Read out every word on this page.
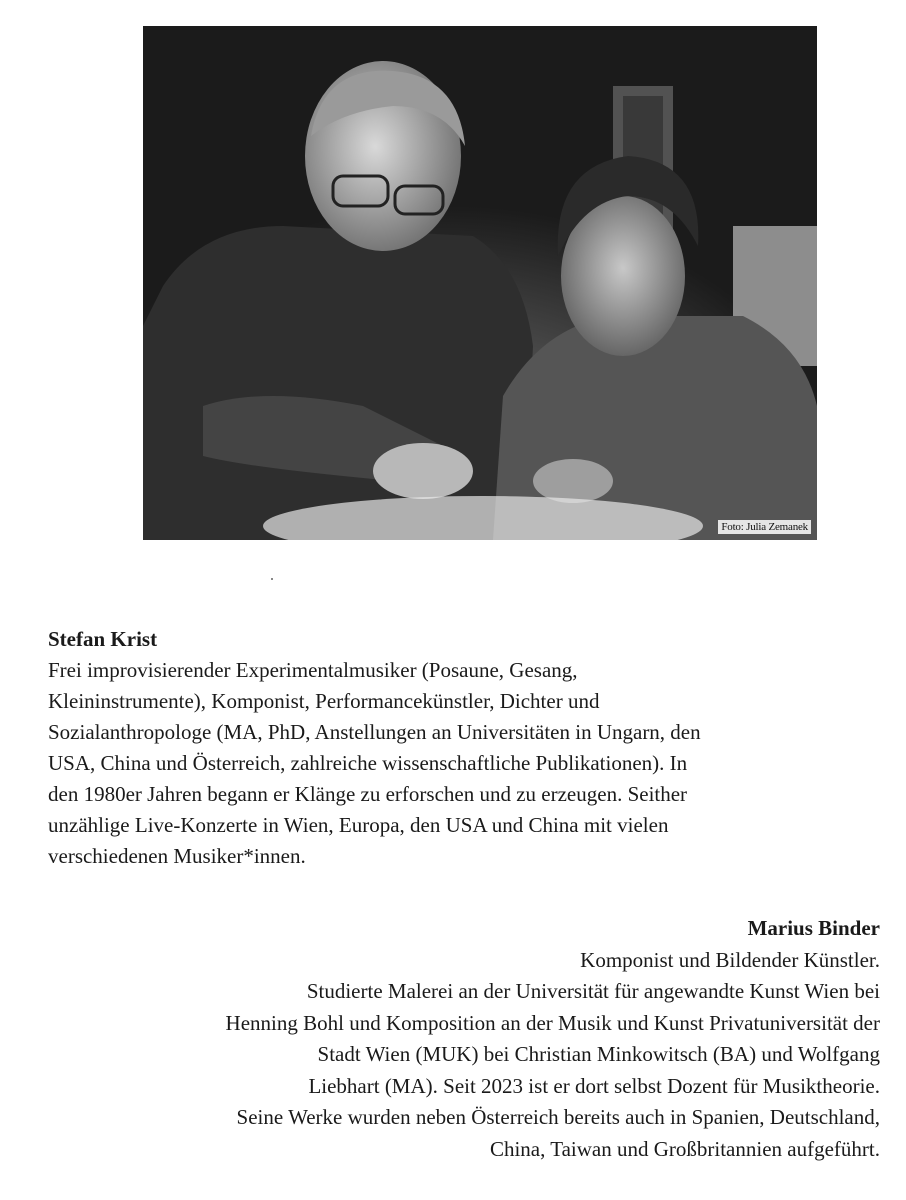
Foto: Julia Zemanek
Stefan Krist
Frei improvisierender Experimentalmusiker (Posaune, Gesang,
Kleininstrumente), Komponist, Performancekünstler, Dichter und
Sozialanthropologe (MA, PhD, Anstellungen an Universitäten in Ungarn, den
USA, China und Österreich, zahlreiche wissenschaftliche Publikationen). In
den 1980er Jahren begann er Klänge zu erforschen und zu erzeugen. Seither
unzählige Live-Konzerte in Wien, Europa, den USA und China mit vielen
verschiedenen Musiker*innen.
Marius Binder
Komponist und Bildender Künstler.
Studierte Malerei an der Universität für angewandte Kunst Wien bei
Henning Bohl und Komposition an der Musik und Kunst Privatuniversität der
Stadt Wien (MUK) bei Christian Minkowitsch (BA) und Wolfgang
Liebhart (MA). Seit 2023 ist er dort selbst Dozent für Musiktheorie.
Seine Werke wurden neben Österreich bereits auch in Spanien, Deutschland,
China, Taiwan und Großbritannien aufgeführt.
